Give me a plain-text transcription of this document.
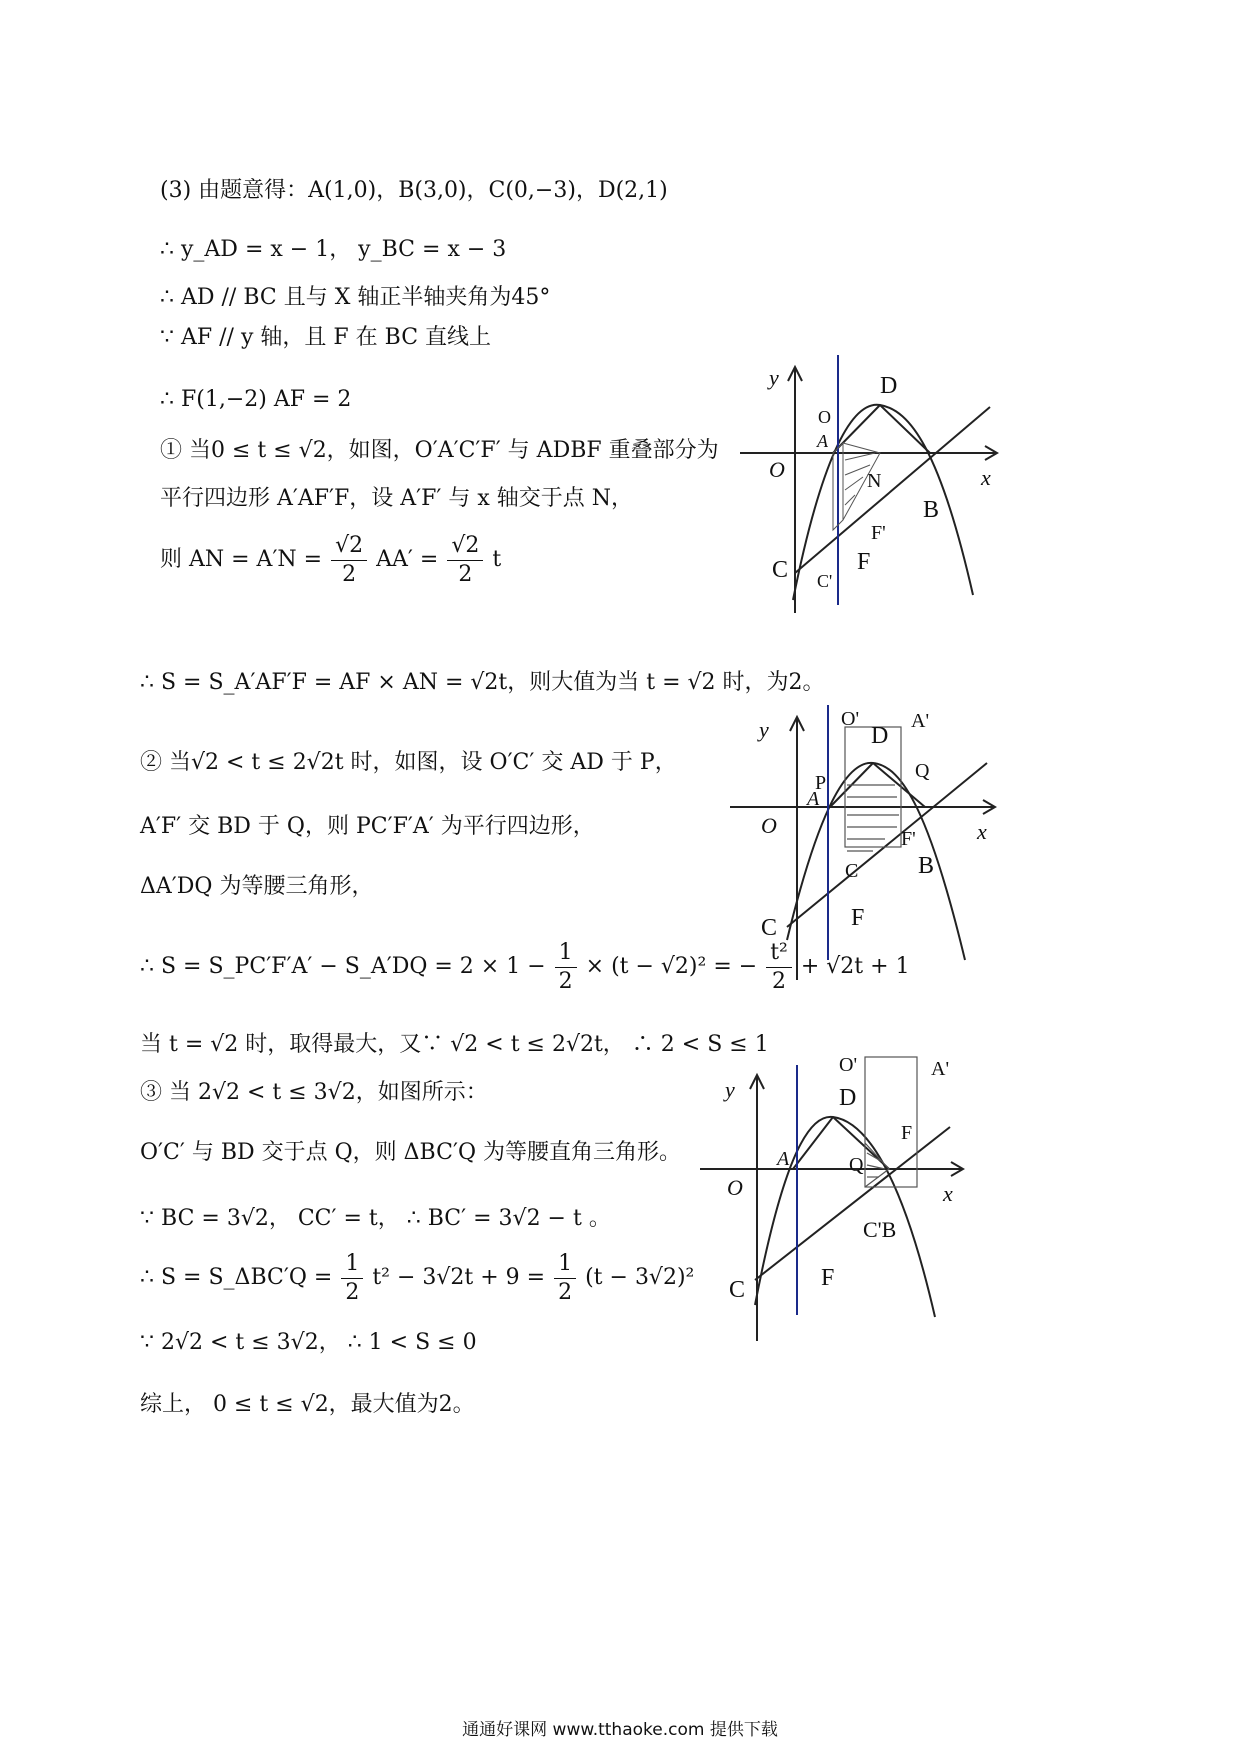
(3) 由题意得：A(1,0)，B(3,0)，C(0,−3)，D(2,1)
∴ y_AD = x − 1， y_BC = x − 3
∴ AD // BC 且与 X 轴正半轴夹角为45°
∵ AF // y 轴，且 F 在 BC 直线上
∴ F(1,−2) AF = 2
① 当0 ≤ t ≤ √2，如图，O′A′C′F′ 与 ADBF 重叠部分为
平行四边形 A′AF′F，设 A′F′ 与 x 轴交于点 N，
则 AN = $A'N = \frac{√2}{2} AA' = \frac{√2}{2}$ t
∴ S = S_A′AF′F = AF × AN = √2t，则大值为当 t = √2 时，为2。
② 当√2 < t ≤ 2√2t 时，如图，设 O′C′ 交 AD 于 P，
A′F′ 交 BD 于 Q，则 PC′F′A′ 为平行四边形，
ΔA′DQ 为等腰三角形，
∴ S = S_PC′F′A′ − S_A′DQ = $2 \times 1 - \frac{1}{2} \times (t - √2)^2$ = − $\frac{\text{t²}}{2} + √2t + 1$
当 t = √2 时，取得最大，又∵ √2 < t ≤ 2√2t， ∴ 2 < S ≤ 1
③ 当 2√2 < t ≤ 3√2，如图所示：
O′C′ 与 BD 交于点 Q，则 ΔBC′Q 为等腰直角三角形。
∵ BC = 3√2， CC′ = t， ∴ BC′ = 3√2 − t 。
∴ S = S_ΔBC′Q = $\frac{1}{2} t^2 - 3√2t + 9 = \frac{1}{2} (t - 3√2)^2$
∵ 2√2 < t ≤ 3√2， ∴ 1 < S ≤ 0
综上， 0 ≤ t ≤ √2，最大值为2。
y
x
O
D
O
A
N
B
F'
F
C C'
y
x
O
O'
D
A'
Q
P
A
F'
B
C
C	F
y
x
O
O'	A'
D
F
A	Q
C'B
C	F
通通好课网 www.tthaoke.com 提供下载
